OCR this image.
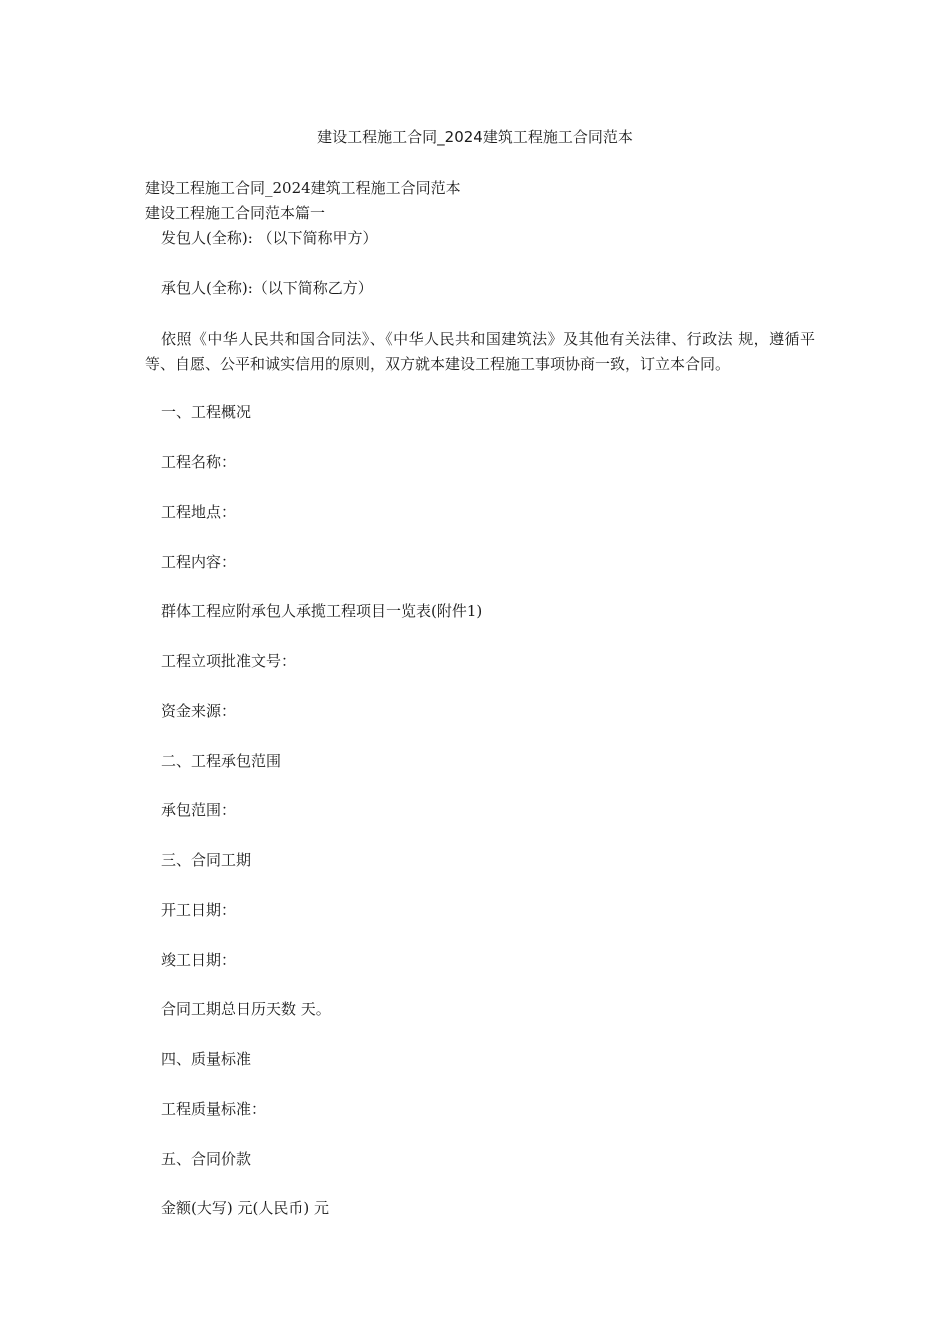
建设工程施工合同_2024建筑工程施工合同范本
建设工程施工合同_2024建筑工程施工合同范本
建设工程施工合同范本篇一
发包人(全称): （以下简称甲方）
承包人(全称):（以下简称乙方）
依照《中华人民共和国合同法》、《中华人民共和国建筑法》及其他有关法律、行政法 规，遵循平等、自愿、公平和诚实信用的原则，双方就本建设工程施工事项协商一致，订立本合同。
一、工程概况
工程名称：
工程地点：
工程内容：
群体工程应附承包人承揽工程项目一览表(附件1)
工程立项批准文号：
资金来源：
二、工程承包范围
承包范围：
三、合同工期
开工日期：
竣工日期：
合同工期总日历天数 天。
四、质量标准
工程质量标准：
五、合同价款
金额(大写) 元(人民币) 元
